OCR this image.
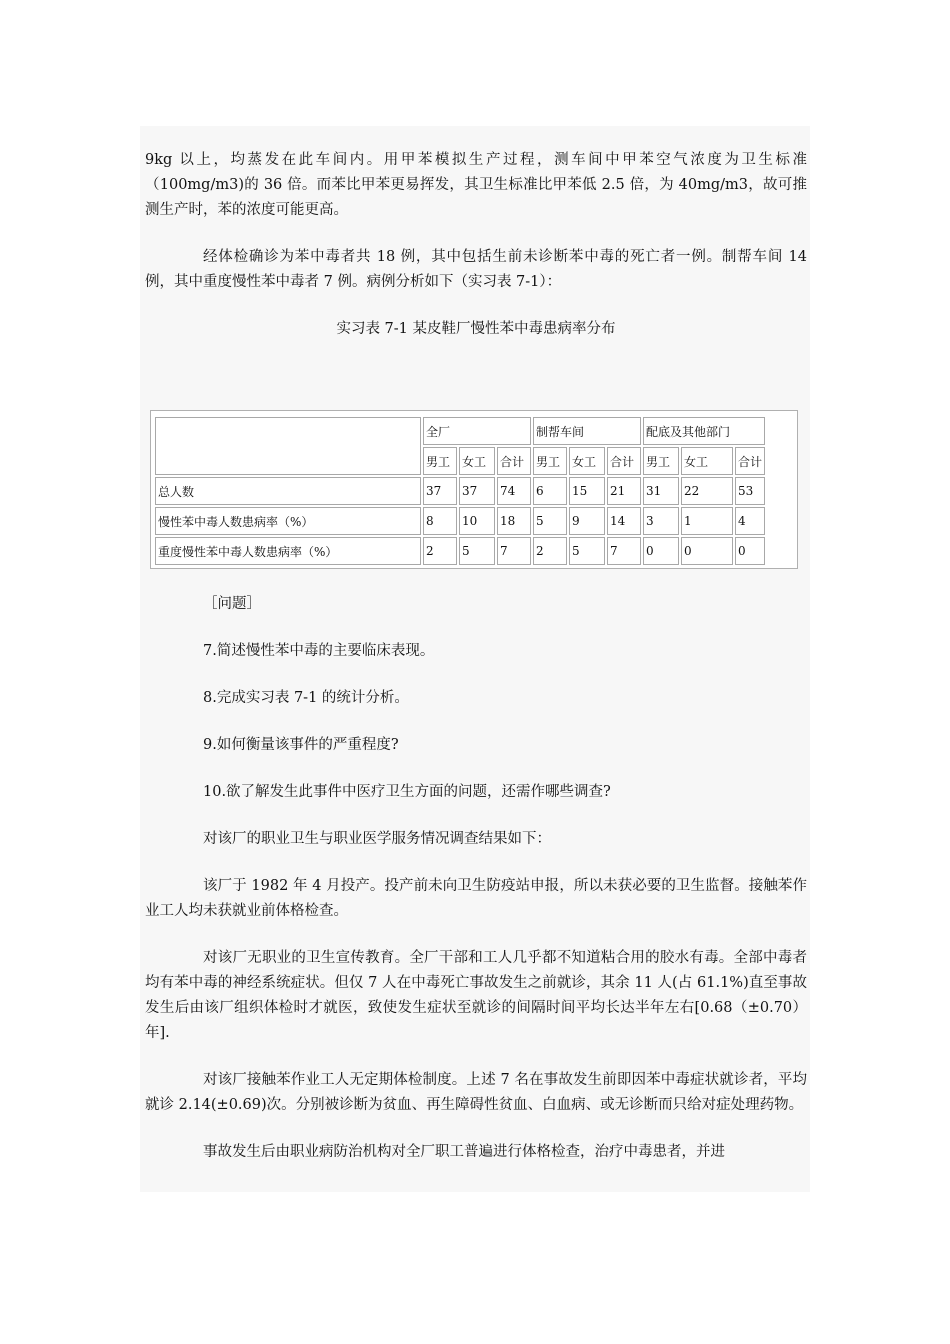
9kg 以上，均蒸发在此车间内。用甲苯模拟生产过程，测车间中甲苯空气浓度为卫生标准（100mg/m3)的 36 倍。而苯比甲苯更易挥发，其卫生标准比甲苯低 2.5 倍，为 40mg/m3，故可推测生产时，苯的浓度可能更高。

经体检确诊为苯中毒者共 18 例，其中包括生前未诊断苯中毒的死亡者一例。制帮车间 14 例，其中重度慢性苯中毒者 7 例。病例分析如下（实习表 7-1）：

实习表 7-1 某皮鞋厂慢性苯中毒患病率分布

	全厂			制帮车间			配底及其他部门		
	男工	女工	合计	男工	女工	合计	男工	女工	合计
总人数	37	37	74	6	15	21	31	22	53
慢性苯中毒人数患病率（%）	8	10	18	5	9	14	3	1	4
重度慢性苯中毒人数患病率（%）	2	5	7	2	5	7	0	0	0

［问题］

7.简述慢性苯中毒的主要临床表现。

8.完成实习表 7-1 的统计分析。

9.如何衡量该事件的严重程度?

10.欲了解发生此事件中医疗卫生方面的问题，还需作哪些调查?

对该厂的职业卫生与职业医学服务情况调查结果如下：

该厂于 1982 年 4 月投产。投产前未向卫生防疫站申报，所以未获必要的卫生监督。接触苯作业工人均未获就业前体格检查。

对该厂无职业的卫生宣传教育。全厂干部和工人几乎都不知道粘合用的胶水有毒。全部中毒者均有苯中毒的神经系统症状。但仅 7 人在中毒死亡事故发生之前就诊，其余 11 人(占 61.1%)直至事故发生后由该厂组织体检时才就医，致使发生症状至就诊的间隔时间平均长达半年左右[0.68（±0.70）年].

对该厂接触苯作业工人无定期体检制度。上述 7 名在事故发生前即因苯中毒症状就诊者，平均就诊 2.14(±0.69)次。分别被诊断为贫血、再生障碍性贫血、白血病、或无诊断而只给对症处理药物。

事故发生后由职业病防治机构对全厂职工普遍进行体格检查，治疗中毒患者，并进
